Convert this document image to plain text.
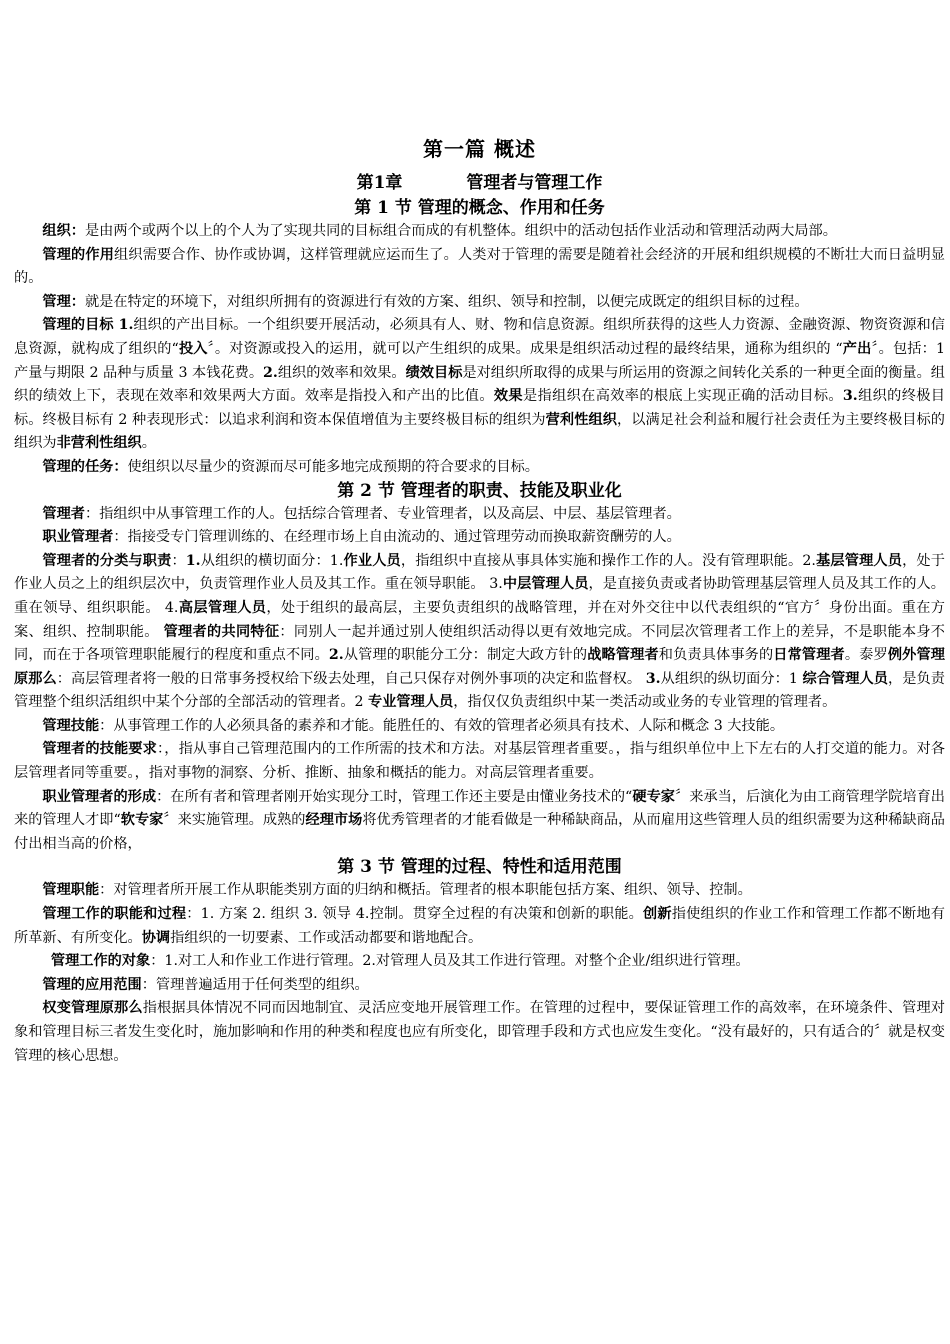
第一篇 概述
第1章	管理者与管理工作
第 1 节 管理的概念、作用和任务

组织：是由两个或两个以上的个人为了实现共同的目标组合而成的有机整体。组织中的活动包括作业活动和管理活动两大局部。

管理的作用组织需要合作、协作或协调，这样管理就应运而生了。人类对于管理的需要是随着社会经济的开展和组织规模的不断壮大而日益明显的。

管理：就是在特定的环境下，对组织所拥有的资源进行有效的方案、组织、领导和控制，以便完成既定的组织目标的过程。

管理的目标 1.组织的产出目标。一个组织要开展活动，必须具有人、财、物和信息资源。组织所获得的这些人力资源、金融资源、物资资源和信息资源，就构成了组织的“投入〞。对资源或投入的运用，就可以产生组织的成果。成果是组织活动过程的最终结果，通称为组织的 “产出〞。包括：1 产量与期限 2 品种与质量 3 本钱花费。2.组织的效率和效果。绩效目标是对组织所取得的成果与所运用的资源之间转化关系的一种更全面的衡量。组织的绩效上下，表现在效率和效果两大方面。效率是指投入和产出的比值。效果是指组织在高效率的根底上实现正确的活动目标。3.组织的终极目标。终极目标有 2 种表现形式：以追求利润和资本保值增值为主要终极目标的组织为营利性组织，以满足社会利益和履行社会责任为主要终极目标的组织为非营利性组织。

管理的任务：使组织以尽量少的资源而尽可能多地完成预期的符合要求的目标。

第 2 节 管理者的职责、技能及职业化

管理者：指组织中从事管理工作的人。包括综合管理者、专业管理者，以及高层、中层、基层管理者。

职业管理者：指接受专门管理训练的、在经理市场上自由流动的、通过管理劳动而换取薪资酬劳的人。

管理者的分类与职责：1.从组织的横切面分：1.作业人员，指组织中直接从事具体实施和操作工作的人。没有管理职能。2.基层管理人员，处于作业人员之上的组织层次中，负责管理作业人员及其工作。重在领导职能。 3.中层管理人员，是直接负责或者协助管理基层管理人员及其工作的人。重在领导、组织职能。 4.高层管理人员，处于组织的最高层，主要负责组织的战略管理，并在对外交往中以代表组织的“官方〞身份出面。重在方案、组织、控制职能。 管理者的共同特征：同别人一起并通过别人使组织活动得以更有效地完成。不同层次管理者工作上的差异，不是职能本身不同，而在于各项管理职能履行的程度和重点不同。2.从管理的职能分工分：制定大政方针的战略管理者和负责具体事务的日常管理者。泰罗例外管理原那么：高层管理者将一般的日常事务授权给下级去处理，自己只保存对例外事项的决定和监督权。 3.从组织的纵切面分：1 综合管理人员，是负责管理整个组织活组织中某个分部的全部活动的管理者。2 专业管理人员，指仅仅负责组织中某一类活动或业务的专业管理的管理者。

管理技能：从事管理工作的人必须具备的素养和才能。能胜任的、有效的管理者必须具有技术、人际和概念 3 大技能。

管理者的技能要求：，指从事自己管理范围内的工作所需的技术和方法。对基层管理者重要。，指与组织单位中上下左右的人打交道的能力。对各层管理者同等重要。，指对事物的洞察、分析、推断、抽象和概括的能力。对高层管理者重要。

职业管理者的形成：在所有者和管理者刚开始实现分工时，管理工作还主要是由懂业务技术的“硬专家〞来承当，后演化为由工商管理学院培育出来的管理人才即“软专家〞来实施管理。成熟的经理市场将优秀管理者的才能看做是一种稀缺商品，从而雇用这些管理人员的组织需要为这种稀缺商品付出相当高的价格，

第 3 节 管理的过程、特性和适用范围

管理职能：对管理者所开展工作从职能类别方面的归纳和概括。管理者的根本职能包括方案、组织、领导、控制。

管理工作的职能和过程：1. 方案 2. 组织 3. 领导 4.控制。贯穿全过程的有决策和创新的职能。创新指使组织的作业工作和管理工作都不断地有所革新、有所变化。协调指组织的一切要素、工作或活动都要和谐地配合。

管理工作的对象：1.对工人和作业工作进行管理。2.对管理人员及其工作进行管理。对整个企业/组织进行管理。

管理的应用范围：管理普遍适用于任何类型的组织。

权变管理原那么指根据具体情况不同而因地制宜、灵活应变地开展管理工作。在管理的过程中，要保证管理工作的高效率，在环境条件、管理对象和管理目标三者发生变化时，施加影响和作用的种类和程度也应有所变化，即管理手段和方式也应发生变化。“没有最好的，只有适合的〞就是权变管理的核心思想。
